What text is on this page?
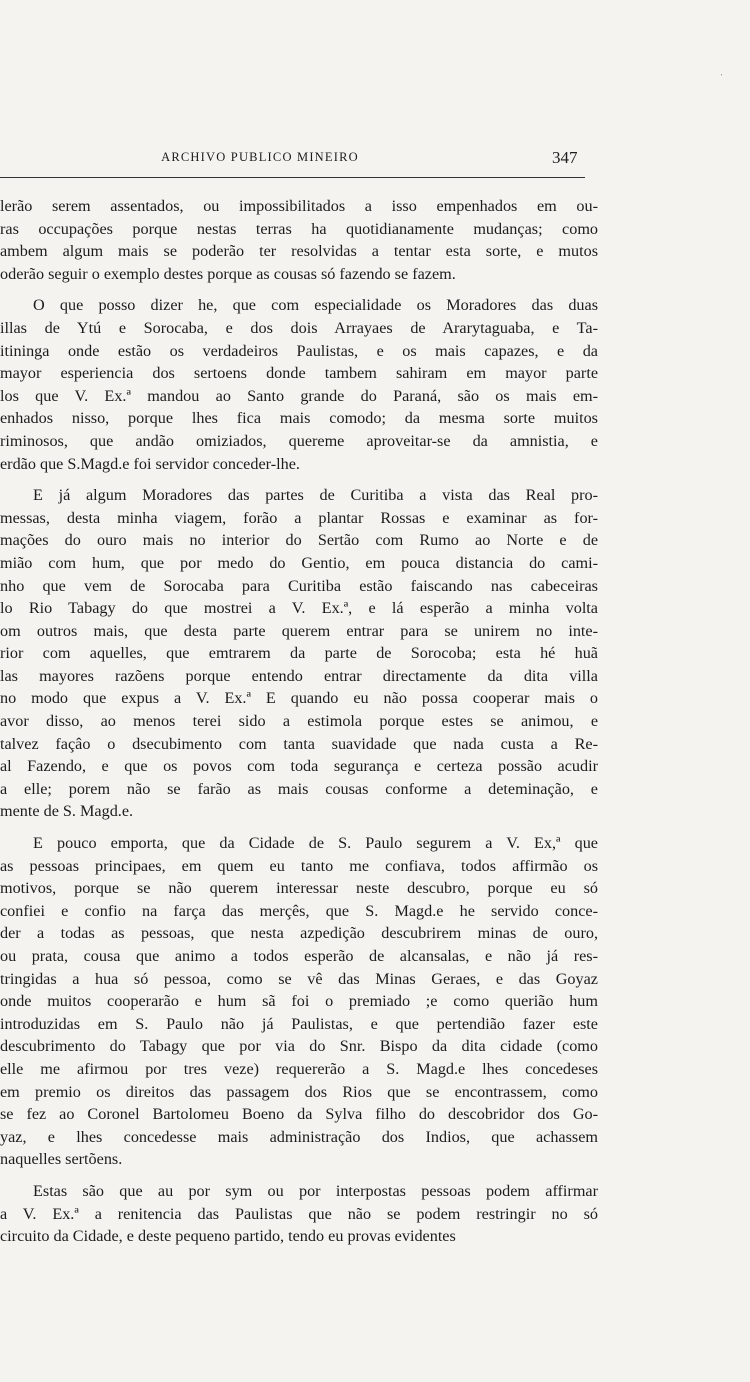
'
ARCHIVO PUBLICO MINEIRO	347
lerão serem assentados, ou impossibilitados a isso empenhados em ou-
ras occupações porque nestas terras ha quotidianamente mudanças; como
ambem algum mais se poderão ter resolvidas a tentar esta sorte, e mutos
oderão seguir o exemplo destes porque as cousas só fazendo se fazem.
O que posso dizer he, que com especialidade os Moradores das duas
illas de Ytú e Sorocaba, e dos dois Arrayaes de Ararytaguaba, e Ta-
itininga onde estão os verdadeiros Paulistas, e os mais capazes, e da
mayor esperiencia dos sertoens donde tambem sahiram em mayor parte
los que V. Ex.ª mandou ao Santo grande do Paraná, são os mais em-
enhados nisso, porque lhes fica mais comodo; da mesma sorte muitos
riminosos, que andão omiziados, quereme aproveitar-se da amnistia, e
erdão que S.Magd.e foi servidor conceder-lhe.
E já algum Moradores das partes de Curitiba a vista das Real pro-
messas, desta minha viagem, forão a plantar Rossas e examinar as for-
mações do ouro mais no interior do Sertão com Rumo ao Norte e de
mião com hum, que por medo do Gentio, em pouca distancia do cami-
nho que vem de Sorocaba para Curitiba estão faiscando nas cabeceiras
lo Rio Tabagy do que mostrei a V. Ex.ª, e lá esperão a minha volta
om outros mais, que desta parte querem entrar para se unirem no inte-
rior com aquelles, que emtrarem da parte de Sorocoba; esta hé huã
las mayores razõens porque entendo entrar directamente da dita villa
no modo que expus a V. Ex.ª E quando eu não possa cooperar mais o
avor disso, ao menos terei sido a estimola porque estes se animou, e
talvez façâo o dsecubimento com tanta suavidade que nada custa a Re-
al Fazendo, e que os povos com toda segurança e certeza possão acudir
a elle; porem não se farão as mais cousas conforme a deteminação, e
mente de S. Magd.e.
E pouco emporta, que da Cidade de S. Paulo segurem a V. Ex,ª que
as pessoas principaes, em quem eu tanto me confiava, todos affirmão os
motivos, porque se não querem interessar neste descubro, porque eu só
confiei e confio na farça das merçês, que S. Magd.e he servido conce-
der a todas as pessoas, que nesta azpedição descubrirem minas de ouro,
ou prata, cousa que animo a todos esperão de alcansalas, e não já res-
tringidas a hua só pessoa, como se vê das Minas Geraes, e das Goyaz
onde muitos cooperarão e hum sã foi o premiado ;e como querião hum
introduzidas em S. Paulo não já Paulistas, e que pertendião fazer este
descubrimento do Tabagy que por via do Snr. Bispo da dita cidade (como
elle me afirmou por tres veze) requererão a S. Magd.e lhes concedeses
em premio os direitos das passagem dos Rios que se encontrassem, como
se fez ao Coronel Bartolomeu Boeno da Sylva filho do descobridor dos Go-
yaz, e lhes concedesse mais administração dos Indios, que achassem
naquelles sertõens.
Estas são que au por sym ou por interpostas pessoas podem affirmar
a V. Ex.ª a renitencia das Paulistas que não se podem restringir no só
circuito da Cidade, e deste pequeno partido, tendo eu provas evidentes
